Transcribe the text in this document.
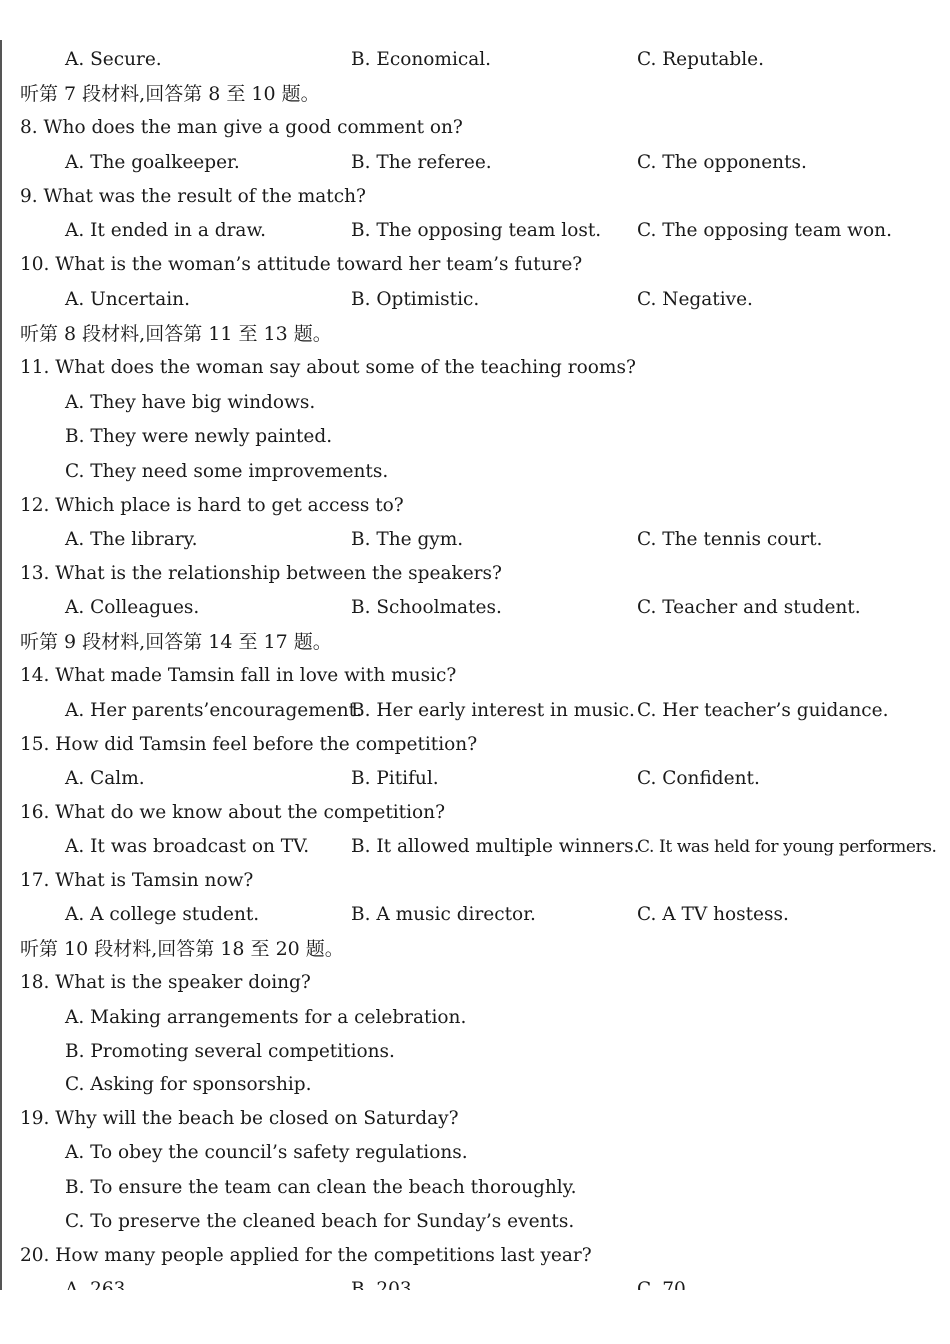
A. Secure.	B. Economical.	C. Reputable.
听第 7 段材料,回答第 8 至 10 题。
8. Who does the man give a good comment on?
A. The goalkeeper.	B. The referee.	C. The opponents.
9. What was the result of the match?
A. It ended in a draw.	B. The opposing team lost. C. The opposing team won.
10. What is the woman’s attitude toward her team’s future?
A. Uncertain.	B. Optimistic.	C. Negative.
听第 8 段材料,回答第 11 至 13 题。
11. What does the woman say about some of the teaching rooms?
A. They have big windows.
B. They were newly painted.
C. They need some improvements.
12. Which place is hard to get access to?
A. The library.	B. The gym.	C. The tennis court.
13. What is the relationship between the speakers?
A. Colleagues.	B. Schoolmates.	C. Teacher and student.
听第 9 段材料,回答第 14 至 17 题。
14. What made Tamsin fall in love with music?
A. Her parents’encouragement.
B. Her early interest in music. C. Her teacher’s guidance.
15. How did Tamsin feel before the competition?
A. Calm.	B. Pitiful.	C. Confident.
16. What do we know about the competition?
A. It was broadcast on TV. B. It allowed multiple winners.
C. It was held for young performers.
17. What is Tamsin now?
A. A college student.	B. A music director.	C. A TV hostess.
听第 10 段材料,回答第 18 至 20 题。
18. What is the speaker doing?
A. Making arrangements for a celebration.
B. Promoting several competitions.
C. Asking for sponsorship.
19. Why will the beach be closed on Saturday?
A. To obey the council’s safety regulations.
B. To ensure the team can clean the beach thoroughly.
C. To preserve the cleaned beach for Sunday’s events.
20. How many people applied for the competitions last year?
